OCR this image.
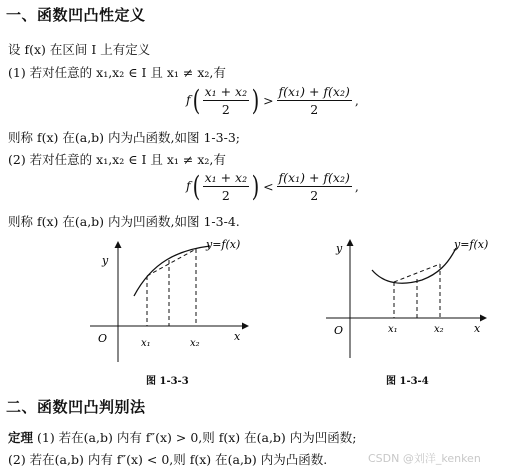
一、函数凹凸性定义
设 f(x) 在区间 I 上有定义
(1) 若对任意的 x₁,x₂ ∈ I 且 x₁ ≠ x₂,有
$f( \frac{\text{x₁ + x₂}}{2}$ ) > $\frac{\text{f(x₁) + f(x₂)}}{2}$ ,
则称 f(x) 在(a,b) 内为凸函数,如图 1-3-3;
(2) 若对任意的 x₁,x₂ ∈ I 且 x₁ ≠ x₂,有
$f( \frac{\text{x₁ + x₂}}{2}$ ) < $\frac{\text{f(x₁) + f(x₂)}}{2}$ ,
则称 f(x) 在(a,b) 内为凹函数,如图 1-3-4.
y
x
O	x₁	x₂
y=f(x)
图 1-3-3
y
x
O	x₁	x₂
y=f(x)
图 1-3-4
二、函数凹凸判别法
定理 (1) 若在(a,b) 内有 f″(x) > 0,则 f(x) 在(a,b) 内为凹函数;
(2) 若在(a,b) 内有 f″(x) < 0,则 f(x) 在(a,b) 内为凸函数.	CSDN @刘洋_kenken
